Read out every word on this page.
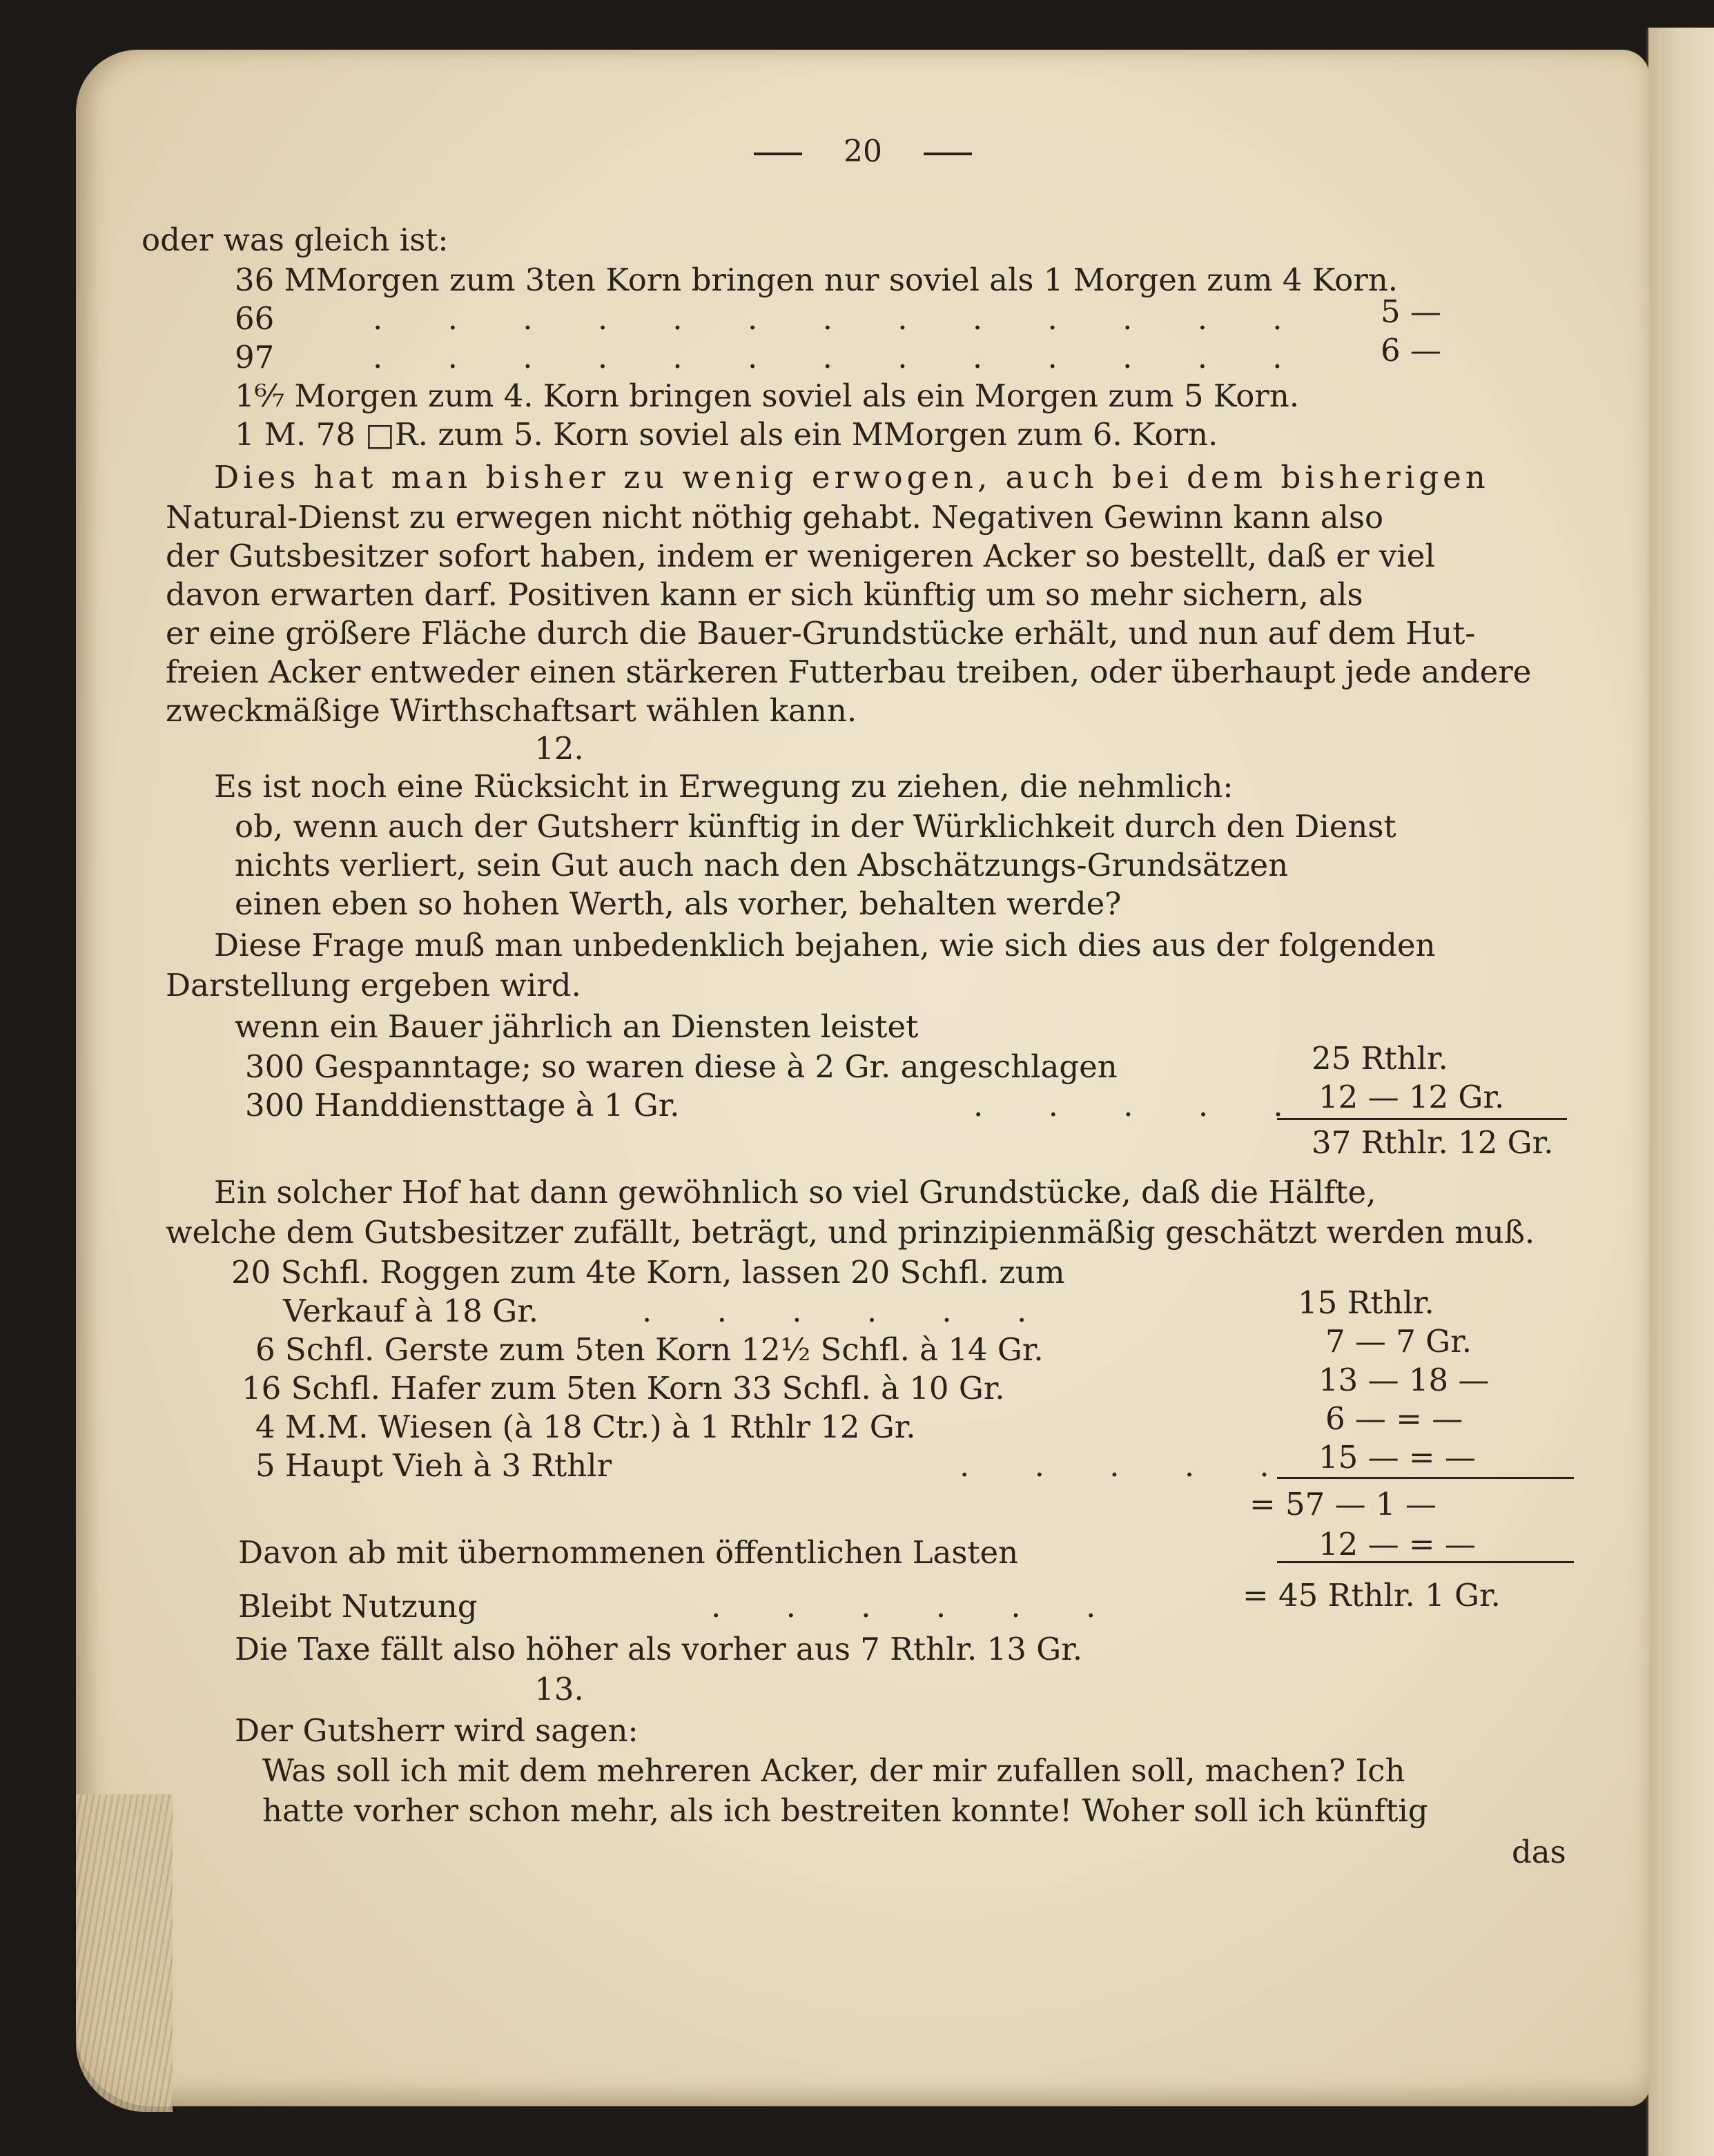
20
oder was gleich ist:
36 MMorgen zum 3ten Korn bringen nur soviel als 1 Morgen zum 4 Korn.
66	. . . . . . . . . . . . . 5 —
97	. . . . . . . . . . . . . 6 —
1⁶⁄₇ Morgen zum 4. Korn bringen soviel als ein Morgen zum 5 Korn.
1 M. 78 □R. zum 5. Korn soviel als ein MMorgen zum 6. Korn.
Dies hat man bisher zu wenig erwogen, auch bei dem bisherigen
Natural-Dienst zu erwegen nicht nöthig gehabt. Negativen Gewinn kann also
der Gutsbesitzer sofort haben, indem er wenigeren Acker so bestellt, daß er viel
davon erwarten darf. Positiven kann er sich künftig um so mehr sichern, als
er eine größere Fläche durch die Bauer-Grundstücke erhält, und nun auf dem Hut-
freien Acker entweder einen stärkeren Futterbau treiben, oder überhaupt jede andere
zweckmäßige Wirthschaftsart wählen kann.
12.
Es ist noch eine Rücksicht in Erwegung zu ziehen, die nehmlich:
ob, wenn auch der Gutsherr künftig in der Würklichkeit durch den Dienst
nichts verliert, sein Gut auch nach den Abschätzungs-Grundsätzen
einen eben so hohen Werth, als vorher, behalten werde?
Diese Frage muß man unbedenklich bejahen, wie sich dies aus der folgenden
Darstellung ergeben wird.
wenn ein Bauer jährlich an Diensten leistet
300 Gespanntage; so waren diese à 2 Gr. angeschlagen	25 Rthlr.
300 Handdiensttage à 1 Gr.	. . . . . 12 — 12 Gr.
37 Rthlr. 12 Gr.
Ein solcher Hof hat dann gewöhnlich so viel Grundstücke, daß die Hälfte,
welche dem Gutsbesitzer zufällt, beträgt, und prinzipienmäßig geschätzt werden muß.
20 Schfl. Roggen zum 4te Korn, lassen 20 Schfl. zum
Verkauf à 18 Gr.	. . . . . .	15 Rthlr.
6 Schfl. Gerste zum 5ten Korn 12½ Schfl. à 14 Gr.	7 — 7 Gr.
16 Schfl. Hafer zum 5ten Korn 33 Schfl. à 10 Gr.	13 — 18 —
4 M.M. Wiesen (à 18 Ctr.) à 1 Rthlr 12 Gr.	6 — = —
5 Haupt Vieh à 3 Rthlr	. . . . . 15 — = —
= 57 — 1 —
Davon ab mit übernommenen öffentlichen Lasten	12 — = —
Bleibt Nutzung	. . . . . .	= 45 Rthlr. 1 Gr.
Die Taxe fällt also höher als vorher aus 7 Rthlr. 13 Gr.
13.
Der Gutsherr wird sagen:
Was soll ich mit dem mehreren Acker, der mir zufallen soll, machen? Ich
hatte vorher schon mehr, als ich bestreiten konnte! Woher soll ich künftig
das
